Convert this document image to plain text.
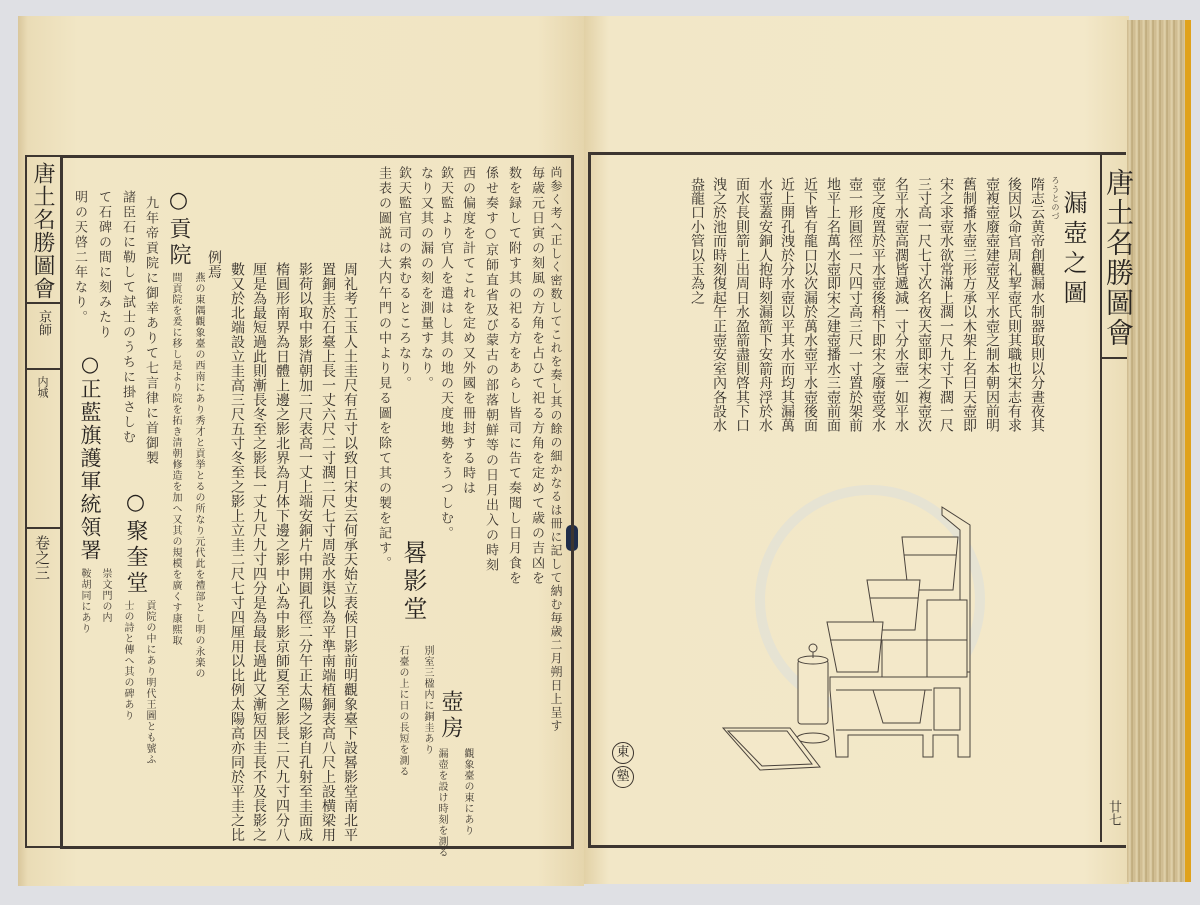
唐土名勝圖會
京師
内城
卷之三	尚参く考へ正しく密数してこれを奏し其の餘の細かなるは冊に記して納む毎歳二月朔日上呈す
毎歳元日寅の刻風の方角を占ひて祀る方角を定めて歳の吉凶を
数を録して附す其の祀る方をあらし皆司に告て奏聞し日月食を
係せ奏す○京師直省及び蒙古の部落朝鮮等の日月出入の時刻
西の偏度を計てこれを定め又外國を冊封する時は
欽天監より官人を遣はし其の地の天度地勢をうつしむ。
壺房
觀象臺の東にあり
漏壺を設け時刻を測る
なり又其の漏の刻を測量すなり。
晷影堂
欽天監官司の索むるところなり。
別室三楹内に銅圭あり
石臺の上に日の長短を測る
圭表の圖説は大内午門の中より見る圖を除て其の製を記す。
周礼考工玉人土圭尺有五寸以致日宋史云何承天始立表候日影前明觀象臺下設晷影堂南北平
置銅圭於石臺上長一丈六尺二寸濶二尺七寸周設水渠以為平準南端植銅表高八尺上設横梁用
影荷以取中影清朝加二尺表高一丈上端安銅片中開圓孔徑二分午正太陽之影自孔射至圭面成
楕圓形南界為日體上邊之影北界為月体下邊之影中心為中影京師夏至之影長二尺九寸四分八
厘是為最短過此則漸長冬至之影長一丈九尺九寸四分是為最長過此又漸短因圭長不及長影之
數又於北端設立圭高三尺五寸冬至之影上立圭二尺七寸四厘用以比例太陽高亦同於平圭之比
例焉
○貢院
燕の東隅觀象臺の西南にあり秀才と貢挙とるの所なり元代此を禮部とし明の永楽の
間貢院を爰に移し是より院を拓き清朝修造を加へ又其の規模を廣くす康熙取
九年帝貢院に御幸ありて七言律に首御製
○聚奎堂
貢院の中にあり明代王圖とも號ふ
士の詩と傳へ其の碑あり
諸臣石に勒して試士のうちに掛さしむ
て石碑の間に刻みたり
明の天啓二年なり。
○正藍旗護軍統領署
崇文門の内
鞍胡同にあり
唐土名勝圖會
廿七
漏壺之圖
ろうとのづ
隋志云黄帝創觀漏水制器取則以分晝夜其
後因以命官周礼挈壺氏則其職也宋志有求
壺複壺廢壺建壺及平水壺之制本朝因前明
舊制播水壺三形方承以木架上名曰天壺即
宋之求壺水欲常滿上濶一尺九寸下濶一尺
三寸高一尺七寸次名夜天壺即宋之複壺次
名平水壺高濶皆遞減一寸分水壺一如平水
壺之度置於平水壺後稍下即宋之廢壺受水
壺一形圓徑一尺四寸高三尺一寸置於架前
地平上名萬水壺即宋之建壺播水三壺前面
近下皆有龍口以次漏於萬水壺平水壺後面
近上開孔洩於分水壺以平其水而均其漏萬
水壺蓋安銅人抱時刻漏箭下安箭舟浮於水
面水長則箭上出周日水盈箭盡則啓其下口
洩之於池而時刻復起午正壺安室內各設水
盎龍口小管以玉為之
東
塾
